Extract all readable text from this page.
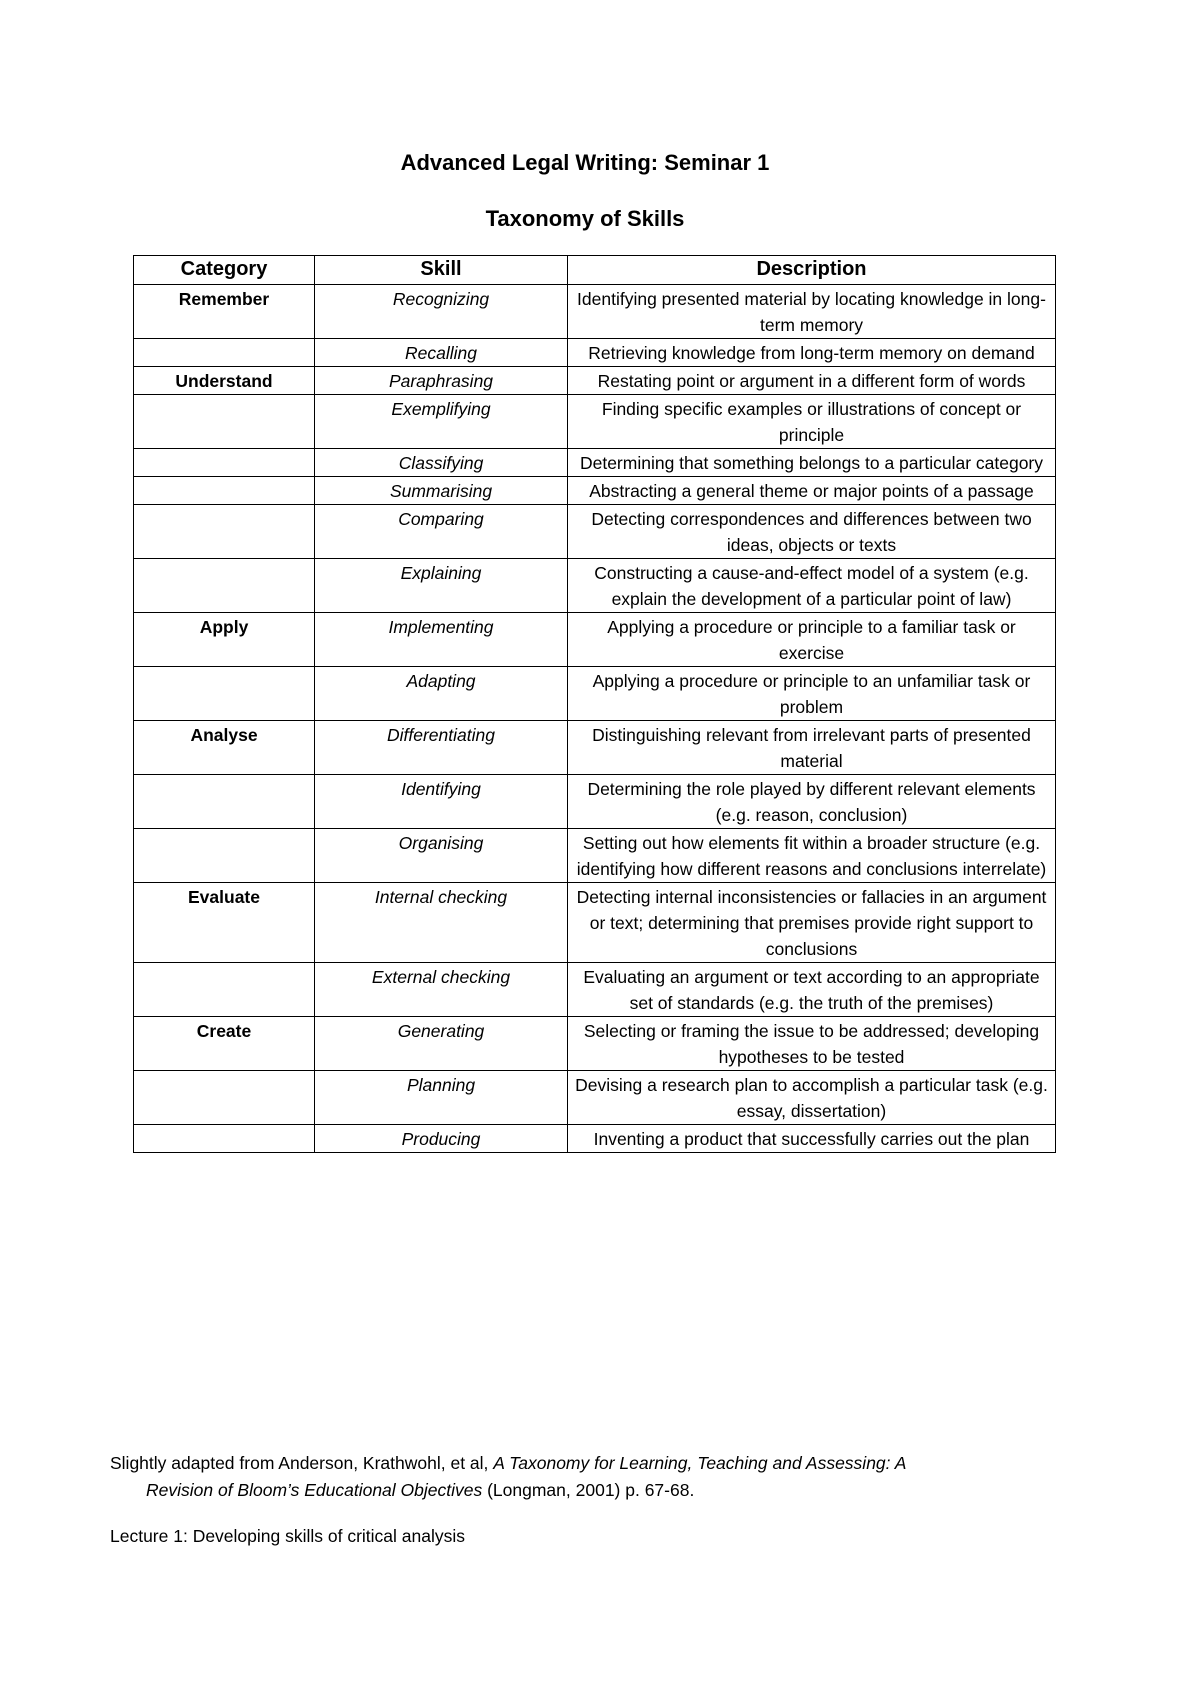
Advanced Legal Writing: Seminar 1
Taxonomy of Skills
Category	Skill	Description
Remember	Recognizing	Identifying presented material by locating knowledge in long-term memory
	Recalling	Retrieving knowledge from long-term memory on demand
Understand	Paraphrasing	Restating point or argument in a different form of words
	Exemplifying	Finding specific examples or illustrations of concept or principle
	Classifying	Determining that something belongs to a particular category
	Summarising	Abstracting a general theme or major points of a passage
	Comparing	Detecting correspondences and differences between two ideas, objects or texts
	Explaining	Constructing a cause-and-effect model of a system (e.g. explain the development of a particular point of law)
Apply	Implementing	Applying a procedure or principle to a familiar task or exercise
	Adapting	Applying a procedure or principle to an unfamiliar task or problem
Analyse	Differentiating	Distinguishing relevant from irrelevant parts of presented material
	Identifying	Determining the role played by different relevant elements (e.g. reason, conclusion)
	Organising	Setting out how elements fit within a broader structure (e.g. identifying how different reasons and conclusions interrelate)
Evaluate	Internal checking	Detecting internal inconsistencies or fallacies in an argument or text; determining that premises provide right support to conclusions
	External checking	Evaluating an argument or text according to an appropriate set of standards (e.g. the truth of the premises)
Create	Generating	Selecting or framing the issue to be addressed; developing hypotheses to be tested
	Planning	Devising a research plan to accomplish a particular task (e.g. essay, dissertation)
	Producing	Inventing a product that successfully carries out the plan
Slightly adapted from Anderson, Krathwohl, et al, A Taxonomy for Learning, Teaching and Assessing: A
Revision of Bloom’s Educational Objectives (Longman, 2001) p. 67-68.
Lecture 1: Developing skills of critical analysis
